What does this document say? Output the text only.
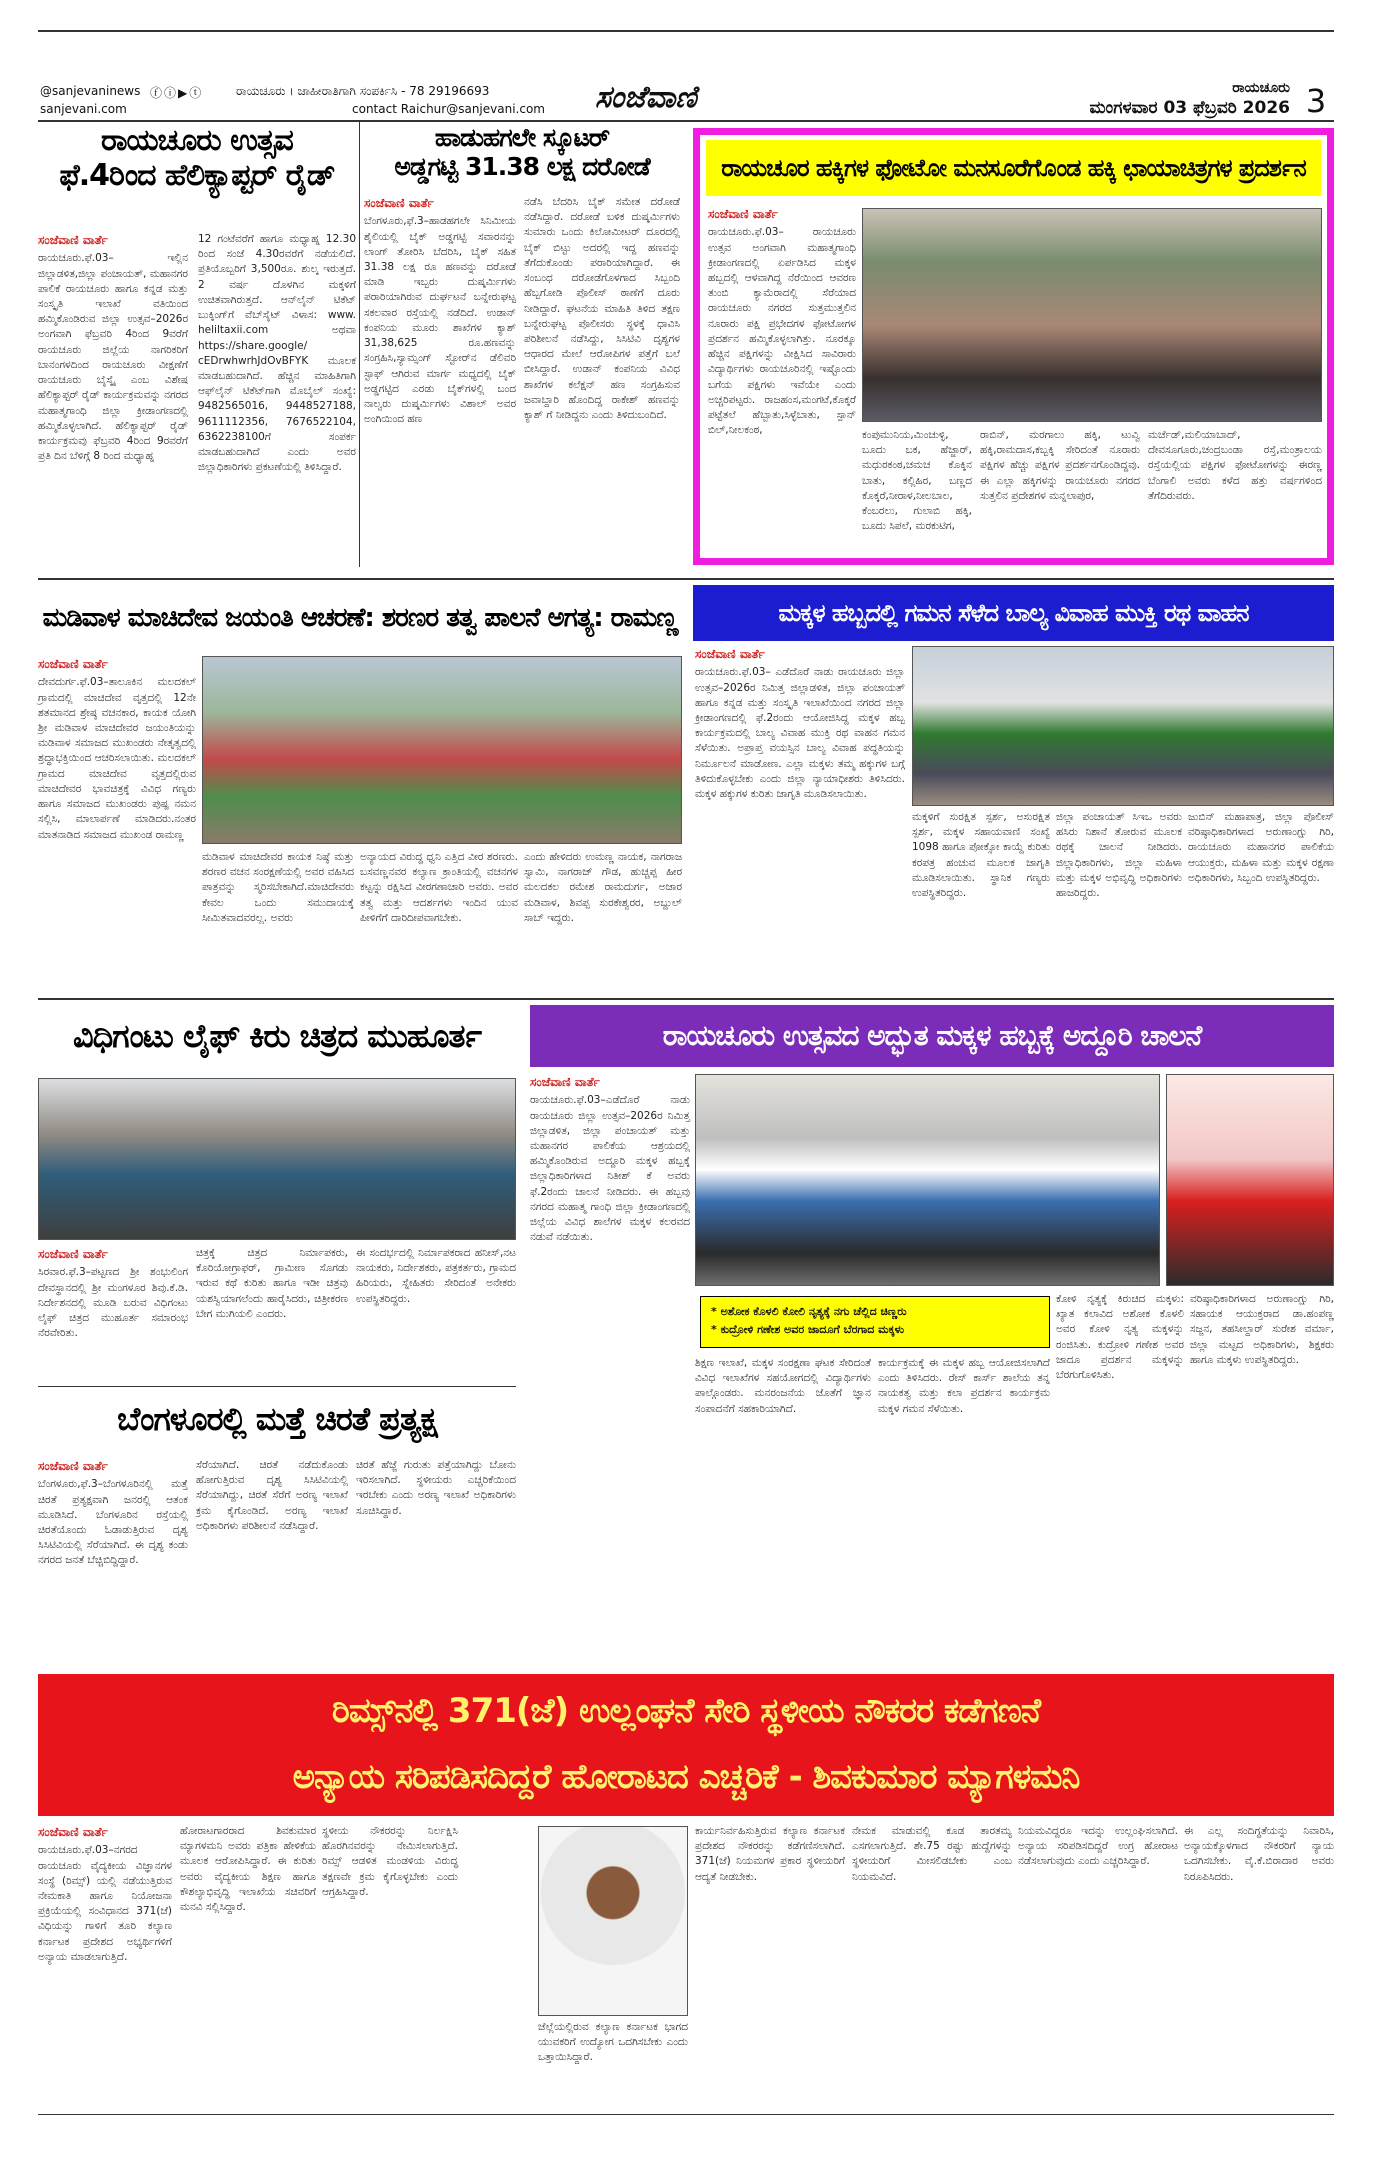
@sanjevaninews
sanjevani.com
ⓕⓘ▶ⓣ	ರಾಯಚೂರು । ಜಾಹೀರಾತಿಗಾಗಿ ಸಂಪರ್ಕಿಸಿ - 78 29196693
contact Raichur@sanjevani.com ಸಂಜೆವಾಣಿ	ರಾಯಚೂರು
ಮಂಗಳವಾರ 03 ಫೆಬ್ರವರಿ 2026 3
ರಾಯಚೂರು ಉತ್ಸವ
ಫೆ.4ರಿಂದ ಹೆಲಿಕ್ಯಾಪ್ಟರ್ ರೈಡ್
ಸಂಜೆವಾಣಿ ವಾರ್ತೆ
ರಾಯಚೂರು.ಫೆ.03– ಇಲ್ಲಿನ ಜಿಲ್ಲಾಡಳಿತ,ಜಿಲ್ಲಾ ಪಂಚಾಯತ್, ಮಹಾನಗರ ಪಾಲಿಕೆ ರಾಯಚೂರು ಹಾಗೂ ಕನ್ನಡ ಮತ್ತು ಸಂಸ್ಕೃತಿ ಇಲಾಖೆ ವತಿಯಿಂದ ಹಮ್ಮಿಕೊಂಡಿರುವ ಜಿಲ್ಲಾ ಉತ್ಸವ–2026ರ ಅಂಗವಾಗಿ ಫೆಬ್ರವರಿ 4ರಿಂದ 9ವರೆಗೆ ರಾಯಚೂರು ಜಿಲ್ಲೆಯ ನಾಗರಿಕರಿಗೆ ಬಾನಂಗಳದಿಂದ ರಾಯಚೂರು ವೀಕ್ಷಣೆಗೆ ರಾಯಚೂರು ಬೈಸ್ಕೈ ಎಂಬ ವಿಶೇಷ ಹೆಲಿಕ್ಯಾಪ್ಟರ್ ರೈಡ್ ಕಾರ್ಯಕ್ರಮವನ್ನು ನಗರದ ಮಹಾತ್ಮಗಾಂಧಿ ಜಿಲ್ಲಾ ಕ್ರೀಡಾಂಗಣದಲ್ಲಿ ಹಮ್ಮಿಕೊಳ್ಳಲಾಗಿದೆ. ಹೆಲಿಕ್ಯಾಪ್ಟರ್ ರೈಡ್ ಕಾರ್ಯಕ್ರಮವು ಫೆಬ್ರವರಿ 4ರಿಂದ 9ರವರೆಗೆ ಪ್ರತಿ ದಿನ ಬೆಳಿಗ್ಗೆ 8 ರಿಂದ ಮಧ್ಯಾಹ್ನ
12 ಗಂಟೆವರೆಗೆ ಹಾಗೂ ಮಧ್ಯಾಹ್ನ 12.30 ರಿಂದ ಸಂಜೆ 4.30ರವರೆಗೆ ನಡೆಯಲಿದೆ. ಪ್ರತಿಯೊಬ್ಬರಿಗೆ 3,500ರೂ. ಶುಲ್ಕ ಇರುತ್ತದೆ. 2 ವರ್ಷ ದೊಳಗಿನ ಮಕ್ಕಳಿಗೆ ಉಚಿತವಾಗಿರುತ್ತದೆ. ಆನ್‌ಲೈನ್ ಟಿಕೆಟ್ ಬುಕ್ಕಿಂಗ್‌ಗೆ ವೆಬ್‌ಸೈಟ್ ವಿಳಾಸ: www. heliltaxii.com ಅಥವಾ https://share.google/ cEDrwhwrhJdOvBFYK ಮೂಲಕ ಮಾಡಬಹುದಾಗಿದೆ. ಹೆಚ್ಚಿನ ಮಾಹಿತಿಗಾಗಿ ಆಫ್‌ಲೈನ್ ಟಿಕೆಟ್‌ಗಾಗಿ ಮೊಬೈಲ್ ಸಂಖ್ಯೆ: 9482565016, 9448527188, 9611112356, 7676522104, 6362238100ಗೆ ಸಂಪರ್ಕ ಮಾಡಬಹುದಾಗಿದೆ ಎಂದು ಅವರ ಜಿಲ್ಲಾಧಿಕಾರಿಗಳು ಪ್ರಕಟಣೆಯಲ್ಲಿ ತಿಳಿಸಿದ್ದಾರೆ.
ಹಾಡುಹಗಲೇ ಸ್ಕೂಟರ್
ಅಡ್ಡಗಟ್ಟಿ 31.38 ಲಕ್ಷ ದರೋಡೆ
ಸಂಜೆವಾಣಿ ವಾರ್ತೆ
ಬೆಂಗಳೂರು,ಫೆ.3–ಹಾಡಹಗಲೇ ಸಿನಿಮೀಯ ಶೈಲಿಯಲ್ಲಿ ಬೈಕ್ ಅಡ್ಡಗಟ್ಟಿ ಸವಾರನನ್ನು ಲಾಂಗ್ ತೋರಿಸಿ ಬೆದರಿಸಿ, ಬೈಕ್ ಸಹಿತ 31.38 ಲಕ್ಷ ರೂ ಹಣವನ್ನು ದರೋಡೆ ಮಾಡಿ ಇಬ್ಬರು ದುಷ್ಕರ್ಮಿಗಳು ಪರಾರಿಯಾಗಿರುವ ದುರ್ಘಟನೆ ಬನ್ನೇರುಘಟ್ಟ ಸಕಲವಾರ ರಸ್ತೆಯಲ್ಲಿ ನಡೆದಿದೆ. ಉಡಾನ್ ಕಂಪನಿಯ ಮೂರು ಶಾಖೆಗಳ ಕ್ಯಾಶ್ 31,38,625 ರೂ.ಹಣವನ್ನು ಸಂಗ್ರಹಿಸಿ,ಸ್ಯಾಮ್ಸಂಗ್ ಸ್ಟೋರ್‌ನ ಡೆಲಿವರಿ ಸ್ಟಾಫ್‌ ಆಗಿರುವ ಮಾರ್ಗ ಮಧ್ಯದಲ್ಲಿ ಬೈಕ್ ಅಡ್ಡಗಟ್ಟಿದ ಎರಡು ಬೈಕ್‌ಗಳಲ್ಲಿ ಬಂದ ನಾಲ್ವರು ದುಷ್ಕರ್ಮಿಗಳು ವಿಶಾಲ್ ಅವರ ಅಂಗಿಯಿಂದ ಹಣ
ನಡೆಸಿ ಬೆದರಿಸಿ ಬೈಕ್ ಸಮೇತ ದರೋಡೆ ನಡೆಸಿದ್ದಾರೆ. ದರೋಡೆ ಬಳಿಕ ದುಷ್ಕರ್ಮಿಗಳು ಸುಮಾರು ಒಂದು ಕಿಲೋಮೀಟರ್ ದೂರದಲ್ಲಿ ಬೈಕ್ ಬಿಟ್ಟು ಅದರಲ್ಲಿ ಇದ್ದ ಹಣವನ್ನು ತೆಗೆದುಕೊಂಡು ಪರಾರಿಯಾಗಿದ್ದಾರೆ. ಈ ಸಂಬಂಧ ದರೋಡೆಗೊಳಗಾದ ಸಿಬ್ಬಂದಿ ಹೆಬ್ಬಗೋಡಿ ಪೊಲೀಸ್ ಠಾಣೆಗೆ ದೂರು ನೀಡಿದ್ದಾರೆ. ಘಟನೆಯ ಮಾಹಿತಿ ತಿಳಿದ ತಕ್ಷಣ ಬನ್ನೇರುಘಟ್ಟ ಪೊಲೀಸರು ಸ್ಥಳಕ್ಕೆ ಧಾವಿಸಿ ಪರಿಶೀಲನೆ ನಡೆಸಿದ್ದು, ಸಿಸಿಟಿವಿ ದೃಶ್ಯಗಳ ಆಧಾರದ ಮೇಲೆ ಆರೋಪಿಗಳ ಪತ್ತೆಗೆ ಬಲೆ ಬೀಸಿದ್ದಾರೆ. ಉಡಾನ್ ಕಂಪನಿಯ ವಿವಿಧ ಶಾಖೆಗಳ ಕಲೆಕ್ಷನ್ ಹಣ ಸಂಗ್ರಹಿಸುವ ಜವಾಬ್ದಾರಿ ಹೊಂದಿದ್ದ ರಾಕೇಶ್ ಹಣವನ್ನು ಕ್ಯಾಶ್ ಗೆ ನೀಡಿದ್ದನು ಎಂದು ತಿಳಿದುಬಂದಿದೆ.
ರಾಯಚೂರ ಹಕ್ಕಿಗಳ ಫೋಟೋ ಮನಸೂರೆಗೊಂಡ ಹಕ್ಕಿ ಛಾಯಾಚಿತ್ರಗಳ ಪ್ರದರ್ಶನ
ಸಂಜೆವಾಣಿ ವಾರ್ತೆ
ರಾಯಚೂರು.ಫೆ.03– ರಾಯಚೂರು ಉತ್ಸವ ಅಂಗವಾಗಿ ಮಹಾತ್ಮಗಾಂಧಿ ಕ್ರೀಡಾಂಗಣದಲ್ಲಿ ಏರ್ಪಡಿಸಿದ ಮಕ್ಕಳ ಹಬ್ಬದಲ್ಲಿ ಆಳವಾಗಿದ್ದ ನೆರೆಯಿಂದ ಆವರಣ ತುಂಬಿ ಕ್ಯಾಮೆರಾದಲ್ಲಿ ಸೆರೆಯಾದ ರಾಯಚೂರು ನಗರದ ಸುತ್ತಮುತ್ತಲಿನ ನೂರಾರು ಪಕ್ಷಿ ಪ್ರಭೇದಗಳ ಫೋಟೋಗಳ ಪ್ರದರ್ಶನ ಹಮ್ಮಿಕೊಳ್ಳಲಾಗಿತ್ತು. ನೂರಕ್ಕೂ ಹೆಚ್ಚಿನ ಪಕ್ಷಿಗಳನ್ನು ವೀಕ್ಷಿಸಿದ ಸಾವಿರಾರು ವಿದ್ಯಾರ್ಥಿಗಳು ರಾಯಚೂರಿನಲ್ಲಿ ಇಷ್ಟೊಂದು ಬಗೆಯ ಪಕ್ಷಿಗಳು ಇವೆಯೇ ಎಂದು ಅಚ್ಚರಿಪಟ್ಟರು. ರಾಜಹಂಸ,ಮಂಗಟೆ,ಕೊಕ್ಕರೆ ಪಟ್ಟೆತಲೆ ಹೆಬ್ಬಾತು,ಸಿಳ್ಳೆಬಾತು, ಸ್ಪಾನ್ ಬಿಲ್,ನೀಲಕಂಠ,	ಕಂಪುಮುನಿಯ,ಮಿಂಚುಳ್ಳಿ, ಬೂದು ಬಕ, ಹೆಜ್ಜಾರ್, ಮಧುರಕಂಠ,ಚಮಚ ಕೊಕ್ಕಿನ ಬಾತು, ಕಲ್ಲಿಹಿರ, ಬಣ್ಣದ ಕೊಕ್ಕರೆ,ನೀರಾಳ,ನೀಲಬಾಲ, ಕೆಂಬರಲು, ಗುಲಾಬಿ ಹಕ್ಕಿ, ಬೂದು ಸಿಪಲೆ, ಮರಕುಟಿಗ,
ರಾಬಿನ್, ಮರಗಾಲು ಹಕ್ಕಿ, ಟುವ್ವಿ ಹಕ್ಕಿ,ರಾಮದಾಸ,ಕಬ್ಬಕ್ಕಿ ಸೇರಿದಂತೆ ನೂರಾರು ಪಕ್ಷಿಗಳ ಹೆಚ್ಚು ಪಕ್ಷಿಗಳ ಪ್ರದರ್ಶನಗೊಂಡಿದ್ದವು. ಈ ಎಲ್ಲಾ ಹಕ್ಕಿಗಳನ್ನು ರಾಯಚೂರು ನಗರದ ಸುತ್ತಲಿನ ಪ್ರದೇಶಗಳ ಮನ್ನಲಾಪುರ,
ಮರ್ಚೆಡ್,ಮಲಿಯಾಬಾದ್, ದೇವಸೂಗೂರು,ಚಂದ್ರಬಂಡಾ ರಸ್ತೆ,ಮಂತ್ರಾಲಯ ರಸ್ತೆಯಲ್ಲಿಯ ಪಕ್ಷಿಗಳ ಫೋಟೋಗಳನ್ನು ಈರಣ್ಣ ಬೆಂಗಾಲಿ ಅವರು ಕಳೆದ ಹತ್ತು ವರ್ಷಗಳಿಂದ ತೆಗೆದಿರುವರು.
ಮಡಿವಾಳ ಮಾಚಿದೇವ ಜಯಂತಿ ಆಚರಣೆ: ಶರಣರ ತತ್ವ ಪಾಲನೆ ಅಗತ್ಯ: ರಾಮಣ್ಣ
ಸಂಜೆವಾಣಿ ವಾರ್ತೆ
ದೇವದುರ್ಗ.ಫೆ.03–ತಾಲೂಕಿನ ಮಲದಕಲ್ ಗ್ರಾಮದಲ್ಲಿ ಮಾಚಿದೇವ ವೃತ್ತದಲ್ಲಿ 12ನೇ ಶತಮಾನದ ಶ್ರೇಷ್ಠ ವಚನಕಾರ, ಕಾಯಕ ಯೋಗಿ ಶ್ರೀ ಮಡಿವಾಳ ಮಾಚಿದೇವರ ಜಯಂತಿಯನ್ನು ಮಡಿವಾಳ ಸಮಾಜದ ಮುಖಂಡರು ನೇತೃತ್ವದಲ್ಲಿ ಶ್ರದ್ಧಾಭಕ್ತಿಯಿಂದ ಆಚರಿಸಲಾಯಿತು. ಮಲದಕಲ್ ಗ್ರಾಮದ ಮಾಚಿದೇವ ವೃತ್ತದಲ್ಲಿರುವ ಮಾಚಿದೇವರ ಭಾವಚಿತ್ರಕ್ಕೆ ವಿವಿಧ ಗಣ್ಯರು ಹಾಗೂ ಸಮಾಜದ ಮುಖಂಡರು ಪುಷ್ಪ ನಮನ ಸಲ್ಲಿಸಿ, ಮಾಲಾರ್ಪಣೆ ಮಾಡಿದರು.ನಂತರ ಮಾತನಾಡಿದ ಸಮಾಜದ ಮುಖಂಡ ರಾಮಣ್ಣ
ಮಡಿವಾಳ ಮಾಚಿದೇವರ ಕಾಯಕ ನಿಷ್ಠೆ ಮತ್ತು ಶರಣರ ವಚನ ಸಂರಕ್ಷಣೆಯಲ್ಲಿ ಅವರ ವಹಿಸಿದ ಪಾತ್ರವನ್ನು ಸ್ಮರಿಸಬೇಕಾಗಿದೆ.ಮಾಚಿದೇವರು ಕೇವಲ ಒಂದು ಸಮುದಾಯಕ್ಕೆ ಸೀಮಿತವಾದವರಲ್ಲ. ಅವರು
ಅನ್ಯಾಯದ ವಿರುದ್ಧ ಧ್ವನಿ ಎತ್ತಿದ ವೀರ ಶರಣರು. ಬಸವಣ್ಣನವರ ಕಲ್ಯಾಣ ಕ್ರಾಂತಿಯಲ್ಲಿ ವಚನಗಳ ಕಟ್ಟನ್ನು ರಕ್ಷಿಸಿದ ವೀರಗಣಾಚಾರಿ ಅವರು. ಅವರ ತತ್ವ ಮತ್ತು ಆದರ್ಶಗಳು ಇಂದಿನ ಯುವ ಪೀಳಿಗೆಗೆ ದಾರಿದೀಪವಾಗಬೇಕು.
ಎಂದು ಹೇಳಿದರು ಉಮಣ್ಣ ನಾಯಕ, ನಾಗರಾಜ ಸ್ವಾಮಿ, ನಾಗರಾಜ್ ಗೌಡ, ಹುಚ್ಚಪ್ಪ ಹೀರ ಮಲದಕಲ ರಮೇಶ ರಾಮದುರ್ಗ, ಅಜಾರ ಮಡಿವಾಳ, ಶಿವಪ್ಪ ಸುರಕೇಶ್ವರರ, ಅಬ್ದುಲ್ ಸಾಬ್ ಇದ್ದರು.
ಮಕ್ಕಳ ಹಬ್ಬದಲ್ಲಿ ಗಮನ ಸೆಳೆದ ಬಾಲ್ಯ ವಿವಾಹ ಮುಕ್ತಿ ರಥ ವಾಹನ
ಸಂಜೆವಾಣಿ ವಾರ್ತೆ
ರಾಯಚೂರು.ಫೆ.03– ಎಡೆದೊರೆ ನಾಡು ರಾಯಚೂರು ಜಿಲ್ಲಾ ಉತ್ಸವ–2026ರ ನಿಮಿತ್ತ ಜಿಲ್ಲಾಡಳಿತ, ಜಿಲ್ಲಾ ಪಂಚಾಯತ್ ಹಾಗೂ ಕನ್ನಡ ಮತ್ತು ಸಂಸ್ಕೃತಿ ಇಲಾಖೆಯಿಂದ ನಗರದ ಜಿಲ್ಲಾ ಕ್ರೀಡಾಂಗಣದಲ್ಲಿ ಫೆ.2ರಂದು ಆಯೋಜಿಸಿದ್ದ ಮಕ್ಕಳ ಹಬ್ಬ ಕಾರ್ಯಕ್ರಮದಲ್ಲಿ ಬಾಲ್ಯ ವಿವಾಹ ಮುಕ್ತಿ ರಥ ವಾಹನ ಗಮನ ಸೆಳೆಯಿತು. ಅಪ್ರಾಪ್ತ ವಯಸ್ಸಿನ ಬಾಲ್ಯ ವಿವಾಹ ಪದ್ಧತಿಯನ್ನು ನಿರ್ಮೂಲನೆ ಮಾಡೋಣ. ಎಲ್ಲಾ ಮಕ್ಕಳು ತಮ್ಮ ಹಕ್ಕುಗಳ ಬಗ್ಗೆ ತಿಳಿದುಕೊಳ್ಳಬೇಕು ಎಂದು ಜಿಲ್ಲಾ ನ್ಯಾಯಾಧೀಶರು ತಿಳಿಸಿದರು. ಮಕ್ಕಳ ಹಕ್ಕುಗಳ ಕುರಿತು ಜಾಗೃತಿ ಮೂಡಿಸಲಾಯಿತು.
ಮಕ್ಕಳಿಗೆ ಸುರಕ್ಷಿತ ಸ್ಪರ್ಶ, ಅಸುರಕ್ಷಿತ ಸ್ಪರ್ಶ, ಮಕ್ಕಳ ಸಹಾಯವಾಣಿ ಸಂಖ್ಯೆ 1098 ಹಾಗೂ ಪೋಕ್ಸೋ ಕಾಯ್ದೆ ಕುರಿತು ಕರಪತ್ರ ಹಂಚುವ ಮೂಲಕ ಜಾಗೃತಿ ಮೂಡಿಸಲಾಯಿತು. ಸ್ಥಾನಿಕ ಗಣ್ಯರು ಉಪಸ್ಥಿತರಿದ್ದರು.
ಜಿಲ್ಲಾ ಪಂಚಾಯತ್ ಸಿಇಒ ಅವರು ಹಸಿರು ನಿಶಾನೆ ತೋರುವ ಮೂಲಕ ರಥಕ್ಕೆ ಚಾಲನೆ ನೀಡಿದರು. ಜಿಲ್ಲಾಧಿಕಾರಿಗಳು, ಜಿಲ್ಲಾ ಮಹಿಳಾ ಮತ್ತು ಮಕ್ಕಳ ಅಭಿವೃದ್ಧಿ ಅಧಿಕಾರಿಗಳು ಹಾಜರಿದ್ದರು.
ಜುಬಿನ್ ಮಹಾಪಾತ್ರ, ಜಿಲ್ಲಾ ಪೊಲೀಸ್ ವರಿಷ್ಠಾಧಿಕಾರಿಗಳಾದ ಅರುಣಾಂಗ್ಷು ಗಿರಿ, ರಾಯಚೂರು ಮಹಾನಗರ ಪಾಲಿಕೆಯ ಆಯುಕ್ತರು, ಮಹಿಳಾ ಮತ್ತು ಮಕ್ಕಳ ರಕ್ಷಣಾ ಅಧಿಕಾರಿಗಳು, ಸಿಬ್ಬಂದಿ ಉಪಸ್ಥಿತರಿದ್ದರು.
ವಿಧಿಗಂಟು ಲೈಫ್ ಕಿರು ಚಿತ್ರದ ಮುಹೂರ್ತ
ಸಂಜೆವಾಣಿ ವಾರ್ತೆ
ಸಿರವಾರ.ಫೆ.3–ಪಟ್ಟಣದ ಶ್ರೀ ಶಂಭುಲಿಂಗ ದೇವಸ್ಥಾನದಲ್ಲಿ ಶ್ರೀ ಮಂಗಳೂರ ಶಿವು.ಕೆ.ಡಿ. ನಿರ್ದೇಶನದಲ್ಲಿ ಮೂಡಿ ಬರುವ ವಿಧಿಗಂಟು ಲೈಫ್ ಚಿತ್ರದ ಮುಹೂರ್ತ ಸಮಾರಂಭ ನೆರವೇರಿತು.
ಚಿತ್ರಕ್ಕೆ ಚಿತ್ರದ ನಿರ್ಮಾಪಕರು, ಕೊರಿಯೋಗ್ರಾಫರ್, ಗ್ರಾಮೀಣ ಸೊಗಡು ಇರುವ ಕಥೆ ಕುರಿತು ಹಾಗೂ ಇಡೀ ಚಿತ್ರವು ಯಶಸ್ವಿಯಾಗಲೆಂದು ಹಾರೈಸಿದರು, ಚಿತ್ರೀಕರಣ ಬೇಗ ಮುಗಿಯಲಿ ಎಂದರು.
ಈ ಸಂದರ್ಭದಲ್ಲಿ ನಿರ್ಮಾಪಕರಾದ ಹನೀಸ್,ನಟ ನಾಯಕರು, ನಿರ್ದೇಶಕರು, ಪತ್ರಕರ್ತರು, ಗ್ರಾಮದ ಹಿರಿಯರು, ಸ್ನೇಹಿತರು ಸೇರಿದಂತೆ ಅನೇಕರು ಉಪಸ್ಥಿತರಿದ್ದರು.
ಬೆಂಗಳೂರಲ್ಲಿ ಮತ್ತೆ ಚಿರತೆ ಪ್ರತ್ಯಕ್ಷ
ಸಂಜೆವಾಣಿ ವಾರ್ತೆ
ಬೆಂಗಳೂರು,ಫೆ.3–ಬೆಂಗಳೂರಿನಲ್ಲಿ ಮತ್ತೆ ಚಿರತೆ ಪ್ರತ್ಯಕ್ಷವಾಗಿ ಜನರಲ್ಲಿ ಆತಂಕ ಮೂಡಿಸಿದೆ. ಬೆಂಗಳೂರಿನ ರಸ್ತೆಯಲ್ಲಿ ಚಿರತೆಯೊಂದು ಓಡಾಡುತ್ತಿರುವ ದೃಶ್ಯ ಸಿಸಿಟಿವಿಯಲ್ಲಿ ಸೆರೆಯಾಗಿದೆ. ಈ ದೃಶ್ಯ ಕಂಡು ನಗರದ ಜನತೆ ಬೆಚ್ಚಿಬಿದ್ದಿದ್ದಾರೆ.
ಸೆರೆಯಾಗಿದೆ. ಚಿರತೆ ನಡೆದುಕೊಂಡು ಹೋಗುತ್ತಿರುವ ದೃಶ್ಯ ಸಿಸಿಟಿವಿಯಲ್ಲಿ ಸೆರೆಯಾಗಿದ್ದು, ಚಿರತೆ ಸೆರೆಗೆ ಅರಣ್ಯ ಇಲಾಖೆ ಕ್ರಮ ಕೈಗೊಂಡಿದೆ. ಅರಣ್ಯ ಇಲಾಖೆ ಅಧಿಕಾರಿಗಳು ಪರಿಶೀಲನೆ ನಡೆಸಿದ್ದಾರೆ.
ಚಿರತೆ ಹೆಜ್ಜೆ ಗುರುತು ಪತ್ತೆಯಾಗಿದ್ದು ಬೋನು ಇರಿಸಲಾಗಿದೆ. ಸ್ಥಳೀಯರು ಎಚ್ಚರಿಕೆಯಿಂದ ಇರಬೇಕು ಎಂದು ಅರಣ್ಯ ಇಲಾಖೆ ಅಧಿಕಾರಿಗಳು ಸೂಚಿಸಿದ್ದಾರೆ.
ರಾಯಚೂರು ಉತ್ಸವದ ಅದ್ಭುತ ಮಕ್ಕಳ ಹಬ್ಬಕ್ಕೆ ಅದ್ದೂರಿ ಚಾಲನೆ
ಸಂಜೆವಾಣಿ ವಾರ್ತೆ
ರಾಯಚೂರು.ಫೆ.03–ಎಡೆದೊರೆ ನಾಡು ರಾಯಚೂರು ಜಿಲ್ಲಾ ಉತ್ಸವ–2026ರ ನಿಮಿತ್ತ ಜಿಲ್ಲಾಡಳಿತ, ಜಿಲ್ಲಾ ಪಂಚಾಯತ್ ಮತ್ತು ಮಹಾನಗರ ಪಾಲಿಕೆಯ ಆಶ್ರಯದಲ್ಲಿ ಹಮ್ಮಿಕೊಂಡಿರುವ ಅದ್ದೂರಿ ಮಕ್ಕಳ ಹಬ್ಬಕ್ಕೆ ಜಿಲ್ಲಾಧಿಕಾರಿಗಳಾದ ನಿತೀಶ್ ಕೆ ಅವರು ಫೆ.2ರಂದು ಚಾಲನೆ ನೀಡಿದರು. ಈ ಹಬ್ಬವು ನಗರದ ಮಹಾತ್ಮ ಗಾಂಧಿ ಜಿಲ್ಲಾ ಕ್ರೀಡಾಂಗಣದಲ್ಲಿ ಜಿಲ್ಲೆಯ ವಿವಿಧ ಶಾಲೆಗಳ ಮಕ್ಕಳ ಕಲರವದ ನಡುವೆ ನಡೆಯಿತು.
* ಅಶೋಕ ಕೊಳಲಿ ಕೋಲಿ ನೃತ್ಯಕ್ಕೆ ನಗು ಚೆಲ್ಲಿದ ಚಿಣ್ಣರು
* ಕುದ್ರೋಳಿ ಗಣೇಶ ಅವರ ಜಾದೂಗೆ ಬೆರಗಾದ ಮಕ್ಕಳು
ಶಿಕ್ಷಣ ಇಲಾಖೆ, ಮಕ್ಕಳ ಸಂರಕ್ಷಣಾ ಘಟಕ ಸೇರಿದಂತೆ ವಿವಿಧ ಇಲಾಖೆಗಳ ಸಹಯೋಗದಲ್ಲಿ ವಿದ್ಯಾರ್ಥಿಗಳು ಪಾಲ್ಗೊಂಡರು. ಮನರಂಜನೆಯ ಜೊತೆಗೆ ಜ್ಞಾನ ಸಂಪಾದನೆಗೆ ಸಹಕಾರಿಯಾಗಿದೆ.
ಕಾರ್ಯಕ್ರಮಕ್ಕೆ ಈ ಮಕ್ಕಳ ಹಬ್ಬ ಆಯೋಜಿಸಲಾಗಿದೆ ಎಂದು ತಿಳಿಸಿದರು. ರೇಸ್ ಕಾರ್ಸ್ ಶಾಲೆಯ ತನ್ನ ನಾಯಕತ್ವ ಮತ್ತು ಕಲಾ ಪ್ರದರ್ಶನ ಕಾರ್ಯಕ್ರಮ ಮಕ್ಕಳ ಗಮನ ಸೆಳೆಯಿತು.
ಕೋಳಿ ನೃತ್ಯಕ್ಕೆ ಕಿರುಚಿದ ಮಕ್ಕಳು: ಖ್ಯಾತ ಕಲಾವಿದ ಅಶೋಕ ಕೊಳಲಿ ಅವರ ಕೋಳಿ ನೃತ್ಯ ಮಕ್ಕಳನ್ನು ರಂಜಿಸಿತು. ಕುದ್ರೋಳಿ ಗಣೇಶ ಅವರ ಜಾದೂ ಪ್ರದರ್ಶನ ಮಕ್ಕಳನ್ನು ಬೆರಗುಗೊಳಿಸಿತು.
ವರಿಷ್ಠಾಧಿಕಾರಿಗಳಾದ ಅರುಣಾಂಗ್ಷು ಗಿರಿ, ಸಹಾಯಕ ಆಯುಕ್ತರಾದ ಡಾ.ಹಂಪಣ್ಣ ಸಜ್ಜನ, ತಹಸೀಲ್ದಾರ್ ಸುರೇಶ ವರ್ಮಾ, ಜಿಲ್ಲಾ ಮಟ್ಟದ ಅಧಿಕಾರಿಗಳು, ಶಿಕ್ಷಕರು ಹಾಗೂ ಮಕ್ಕಳು ಉಪಸ್ಥಿತರಿದ್ದರು.
ರಿಮ್ಸ್‌ನಲ್ಲಿ 371(ಜೆ) ಉಲ್ಲಂಘನೆ ಸೇರಿ ಸ್ಥಳೀಯ ನೌಕರರ ಕಡೆಗಣನೆ
ಅನ್ಯಾಯ ಸರಿಪಡಿಸದಿದ್ದರೆ ಹೋರಾಟದ ಎಚ್ಚರಿಕೆ - ಶಿವಕುಮಾರ ಮ್ಯಾಗಳಮನಿ
ಸಂಜೆವಾಣಿ ವಾರ್ತೆ
ರಾಯಚೂರು.ಫೆ.03–ನಗರದ ರಾಯಚೂರು ವೈದ್ಯಕೀಯ ವಿಜ್ಞಾನಗಳ ಸಂಸ್ಥೆ (ರಿಮ್ಸ್) ಯಲ್ಲಿ ನಡೆಯುತ್ತಿರುವ ನೇಮಕಾತಿ ಹಾಗೂ ನಿಯೋಜನಾ ಪ್ರಕ್ರಿಯೆಯಲ್ಲಿ ಸಂವಿಧಾನದ 371(ಜೆ) ವಿಧಿಯನ್ನು ಗಾಳಿಗೆ ತೂರಿ ಕಲ್ಯಾಣ ಕರ್ನಾಟಕ ಪ್ರದೇಶದ ಅಭ್ಯರ್ಥಿಗಳಿಗೆ ಅನ್ಯಾಯ ಮಾಡಲಾಗುತ್ತಿದೆ.
ಹೋರಾಟಗಾರರಾದ ಶಿವಕುಮಾರ ಮ್ಯಾಗಳಮನಿ ಅವರು ಪತ್ರಿಕಾ ಹೇಳಿಕೆಯ ಮೂಲಕ ಆರೋಪಿಸಿದ್ದಾರೆ. ಈ ಕುರಿತು ಅವರು ವೈದ್ಯಕೀಯ ಶಿಕ್ಷಣ ಹಾಗೂ ಕೌಶಲ್ಯಾಭಿವೃದ್ಧಿ ಇಲಾಖೆಯ ಸಚಿವರಿಗೆ ಮನವಿ ಸಲ್ಲಿಸಿದ್ದಾರೆ.
ಸ್ಥಳೀಯ ನೌಕರರನ್ನು ನಿರ್ಲಕ್ಷಿಸಿ ಹೊರಗಿನವರನ್ನು ನೇಮಿಸಲಾಗುತ್ತಿದೆ. ರಿಮ್ಸ್ ಆಡಳಿತ ಮಂಡಳಿಯ ವಿರುದ್ಧ ತಕ್ಷಣವೇ ಕ್ರಮ ಕೈಗೊಳ್ಳಬೇಕು ಎಂದು ಆಗ್ರಹಿಸಿದ್ದಾರೆ.
ಜೆಲ್ಲೆಯಲ್ಲಿರುವ ಕಲ್ಯಾಣ ಕರ್ನಾಟಕ ಭಾಗದ ಯುವಕರಿಗೆ ಉದ್ಯೋಗ ಒದಗಿಸಬೇಕು ಎಂದು ಒತ್ತಾಯಿಸಿದ್ದಾರೆ.
ಕಾರ್ಯನಿರ್ವಹಿಸುತ್ತಿರುವ ಕಲ್ಯಾಣ ಕರ್ನಾಟಕ ಪ್ರದೇಶದ ನೌಕರರನ್ನು ಕಡೆಗಣಿಸಲಾಗಿದೆ. 371(ಜೆ) ನಿಯಮಗಳ ಪ್ರಕಾರ ಸ್ಥಳೀಯರಿಗೆ ಆದ್ಯತೆ ನೀಡಬೇಕು.
ನೇಮಕ ಮಾಡುವಲ್ಲಿ ಕೂಡ ತಾರತಮ್ಯ ಎಸಗಲಾಗುತ್ತಿದೆ. ಶೇ.75 ರಷ್ಟು ಹುದ್ದೆಗಳನ್ನು ಸ್ಥಳೀಯರಿಗೆ ಮೀಸಲಿಡಬೇಕು ಎಂಬ ನಿಯಮವಿದೆ.
ನಿಯಮವಿದ್ದರೂ ಇದನ್ನು ಉಲ್ಲಂಘಿಸಲಾಗಿದೆ. ಅನ್ಯಾಯ ಸರಿಪಡಿಸದಿದ್ದರೆ ಉಗ್ರ ಹೋರಾಟ ನಡೆಸಲಾಗುವುದು ಎಂದು ಎಚ್ಚರಿಸಿದ್ದಾರೆ.
ಈ ಎಲ್ಲ ಸಂದಿಗ್ಧತೆಯನ್ನು ನಿವಾರಿಸಿ, ಅನ್ಯಾಯಕ್ಕೊಳಗಾದ ನೌಕರರಿಗೆ ನ್ಯಾಯ ಒದಗಿಸಬೇಕು. ವೈ.ಕೆ.ಬಿರಾದಾರ ಅವರು ನಿರೂಪಿಸಿದರು.
